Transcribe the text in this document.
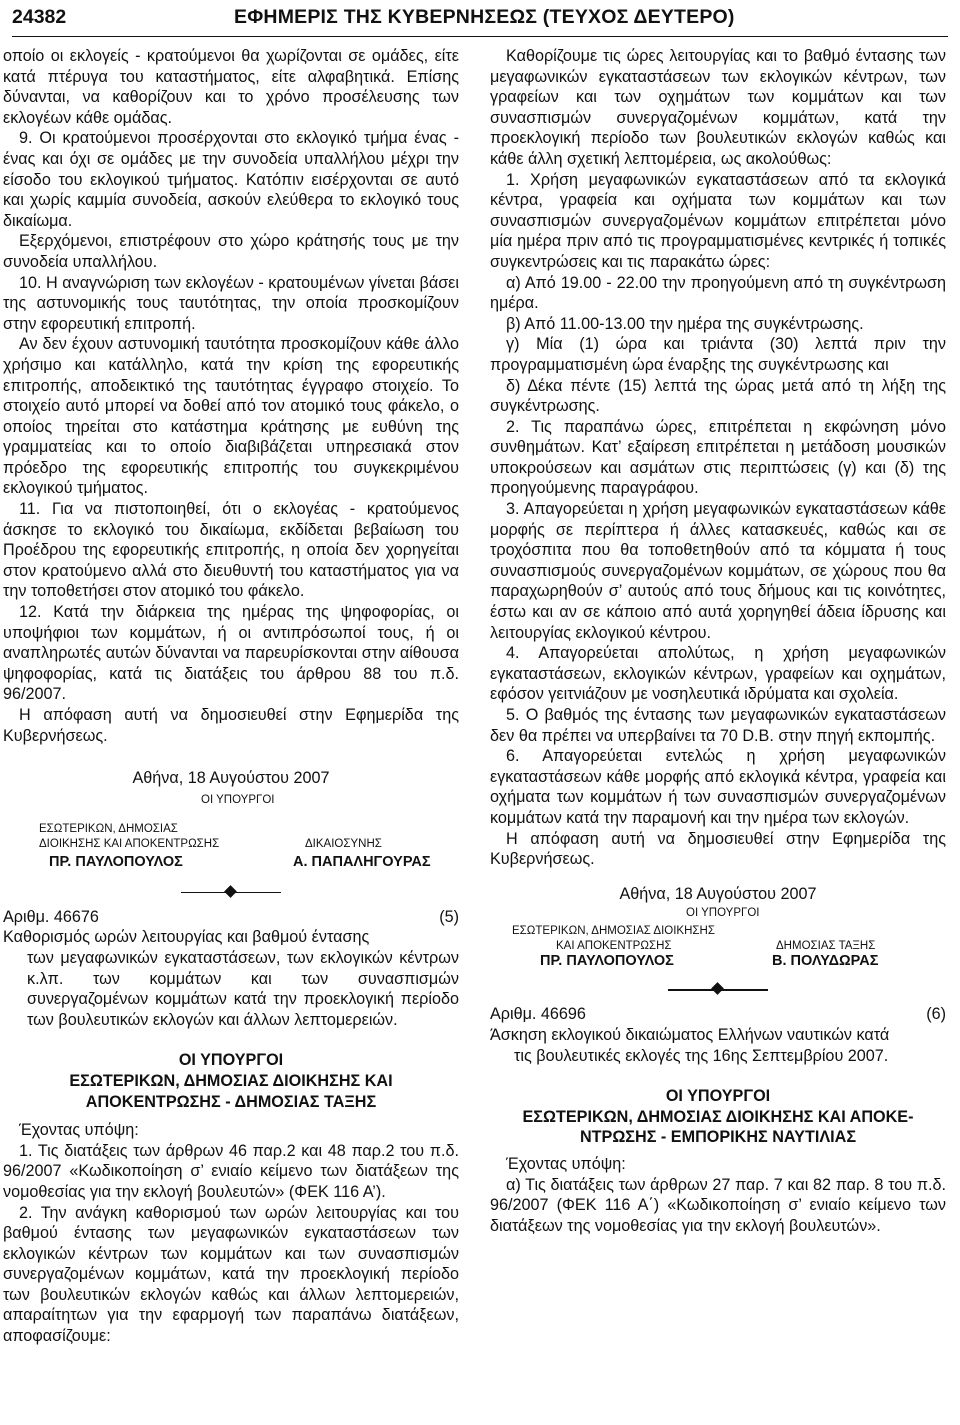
24382	ΕΦΗΜΕΡΙΣ ΤΗΣ ΚΥΒΕΡΝΗΣΕΩΣ (ΤΕΥΧΟΣ ΔΕΥΤΕΡΟ)

οποίο οι εκλογείς - κρατούμενοι θα χωρίζονται σε ομάδες, είτε κατά πτέρυγα του καταστήματος, είτε αλφαβητικά. Επίσης δύνανται, να καθορίζουν και το χρόνο προσέλευσης των εκλογέων κάθε ομάδας.

9. Οι κρατούμενοι προσέρχονται στο εκλογικό τμήμα ένας - ένας και όχι σε ομάδες με την συνοδεία υπαλλήλου μέχρι την είσοδο του εκλογικού τμήματος. Κατόπιν εισέρχονται σε αυτό και χωρίς καμμία συνοδεία, ασκούν ελεύθερα το εκλογικό τους δικαίωμα.

Εξερχόμενοι, επιστρέφουν στο χώρο κράτησής τους με την συνοδεία υπαλλήλου.

10. Η αναγνώριση των εκλογέων - κρατουμένων γίνεται βάσει της αστυνομικής τους ταυτότητας, την οποία προσκομίζουν στην εφορευτική επιτροπή.

Αν δεν έχουν αστυνομική ταυτότητα προσκομίζουν κάθε άλλο χρήσιμο και κατάλληλο, κατά την κρίση της εφορευτικής επιτροπής, αποδεικτικό της ταυτότητας έγγραφο στοιχείο. Το στοιχείο αυτό μπορεί να δοθεί από τον ατομικό τους φάκελο, ο οποίος τηρείται στο κατάστημα κράτησης με ευθύνη της γραμματείας και το οποίο διαβιβάζεται υπηρεσιακά στον πρόεδρο της εφορευτικής επιτροπής του συγκεκριμένου εκλογικού τμήματος.

11. Για να πιστοποιηθεί, ότι ο εκλογέας - κρατούμενος άσκησε το εκλογικό του δικαίωμα, εκδίδεται βεβαίωση του Προέδρου της εφορευτικής επιτροπής, η οποία δεν χορηγείται στον κρατούμενο αλλά στο διευθυντή του καταστήματος για να την τοποθετήσει στον ατομικό του φάκελο.

12. Κατά την διάρκεια της ημέρας της ψηφοφορίας, οι υποψήφιοι των κομμάτων, ή οι αντιπρόσωποί τους, ή οι αναπληρωτές αυτών δύνανται να παρευρίσκονται στην αίθουσα ψηφοφορίας, κατά τις διατάξεις του άρθρου 88 του π.δ. 96/2007.

Η απόφαση αυτή να δημοσιευθεί στην Εφημερίδα της Κυβερνήσεως.

Αθήνα, 18 Αυγούστου 2007

ΟΙ ΥΠΟΥΡΓΟΙ
ΕΣΩΤΕΡΙΚΩΝ, ΔΗΜΟΣΙΑΣ
ΔΙΟΙΚΗΣΗΣ ΚΑΙ ΑΠΟΚΕΝΤΡΩΣΗΣ	ΔΙΚΑΙΟΣΥΝΗΣ
ΠΡ. ΠΑΥΛΟΠΟΥΛΟΣ	Α. ΠΑΠΑΛΗΓΟΥΡΑΣ
Αριθμ. 46676	(5)
Καθορισμός ωρών λειτουργίας και βαθμού έντασης
των μεγαφωνικών εγκαταστάσεων, των εκλογικών κέντρων κ.λπ. των κομμάτων και των συνασπισμών συνεργαζομένων κομμάτων κατά την προεκλογική περίοδο των βουλευτικών εκλογών και άλλων λεπτομερειών.

ΟΙ ΥΠΟΥΡΓΟΙ

ΕΣΩΤΕΡΙΚΩΝ, ΔΗΜΟΣΙΑΣ ΔΙΟΙΚΗΣΗΣ ΚΑΙ

ΑΠΟΚΕΝΤΡΩΣΗΣ - ΔΗΜΟΣΙΑΣ ΤΑΞΗΣ

Έχοντας υπόψη:

1. Τις διατάξεις των άρθρων 46 παρ.2 και 48 παρ.2 του π.δ. 96/2007 «Κωδικοποίηση σ’ ενιαίο κείμενο των διατάξεων της νομοθεσίας για την εκλογή βουλευτών» (ΦΕΚ 116 Α’).

2. Την ανάγκη καθορισμού των ωρών λειτουργίας και του βαθμού έντασης των μεγαφωνικών εγκαταστάσεων των εκλογικών κέντρων των κομμάτων και των συνασπισμών συνεργαζομένων κομμάτων, κατά την προεκλογική περίοδο των βουλευτικών εκλογών καθώς και άλλων λεπτομερειών, απαραίτητων για την εφαρμογή των παραπάνω διατάξεων, αποφασίζουμε:

Καθορίζουμε τις ώρες λειτουργίας και το βαθμό έντασης των μεγαφωνικών εγκαταστάσεων των εκλογικών κέντρων, των γραφείων και των οχημάτων των κομμάτων και των συνασπισμών συνεργαζομένων κομμάτων, κατά την προεκλογική περίοδο των βουλευτικών εκλογών καθώς και κάθε άλλη σχετική λεπτομέρεια, ως ακολούθως:

1. Χρήση μεγαφωνικών εγκαταστάσεων από τα εκλογικά κέντρα, γραφεία και οχήματα των κομμάτων και των συνασπισμών συνεργαζομένων κομμάτων επιτρέπεται μόνο μία ημέρα πριν από τις προγραμματισμένες κεντρικές ή τοπικές συγκεντρώσεις και τις παρακάτω ώρες:

α) Από 19.00 - 22.00 την προηγούμενη από τη συγκέντρωση ημέρα.

β) Από 11.00-13.00 την ημέρα της συγκέντρωσης.

γ) Μία (1) ώρα και τριάντα (30) λεπτά πριν την προγραμματισμένη ώρα έναρξης της συγκέντρωσης και

δ) Δέκα πέντε (15) λεπτά της ώρας μετά από τη λήξη της συγκέντρωσης.

2. Τις παραπάνω ώρες, επιτρέπεται η εκφώνηση μόνο συνθημάτων. Κατ’ εξαίρεση επιτρέπεται η μετάδοση μουσικών υποκρούσεων και ασμάτων στις περιπτώσεις (γ) και (δ) της προηγούμενης παραγράφου.

3. Απαγορεύεται η χρήση μεγαφωνικών εγκαταστάσεων κάθε μορφής σε περίπτερα ή άλλες κατασκευές, καθώς και σε τροχόσπιτα που θα τοποθετηθούν από τα κόμματα ή τους συνασπισμούς συνεργαζομένων κομμάτων, σε χώρους που θα παραχωρηθούν σ’ αυτούς από τους δήμους και τις κοινότητες, έστω και αν σε κάποιο από αυτά χορηγηθεί άδεια ίδρυσης και λειτουργίας εκλογικού κέντρου.

4. Απαγορεύεται απολύτως, η χρήση μεγαφωνικών εγκαταστάσεων, εκλογικών κέντρων, γραφείων και οχημάτων, εφόσον γειτνιάζουν με νοσηλευτικά ιδρύματα και σχολεία.

5. Ο βαθμός της έντασης των μεγαφωνικών εγκαταστάσεων δεν θα πρέπει να υπερβαίνει τα 70 D.B. στην πηγή εκπομπής.

6. Απαγορεύεται εντελώς η χρήση μεγαφωνικών εγκαταστάσεων κάθε μορφής από εκλογικά κέντρα, γραφεία και οχήματα των κομμάτων ή των συνασπισμών συνεργαζομένων κομμάτων κατά την παραμονή και την ημέρα των εκλογών.

Η απόφαση αυτή να δημοσιευθεί στην Εφημερίδα της Κυβερνήσεως.

Αθήνα, 18 Αυγούστου 2007

ΟΙ ΥΠΟΥΡΓΟΙ
ΕΣΩΤΕΡΙΚΩΝ, ΔΗΜΟΣΙΑΣ ΔΙΟΙΚΗΣΗΣ
ΚΑΙ ΑΠΟΚΕΝΤΡΩΣΗΣ	ΔΗΜΟΣΙΑΣ ΤΑΞΗΣ
ΠΡ. ΠΑΥΛΟΠΟΥΛΟΣ	Β. ΠΟΛΥΔΩΡΑΣ
Αριθμ. 46696	(6)
Άσκηση εκλογικού δικαιώματος Ελλήνων ναυτικών κατά
τις βουλευτικές εκλογές της 16ης Σεπτεμβρίου 2007.

ΟΙ ΥΠΟΥΡΓΟΙ

ΕΣΩΤΕΡΙΚΩΝ, ΔΗΜΟΣΙΑΣ ΔΙΟΙΚΗΣΗΣ ΚΑΙ ΑΠΟΚΕ-

ΝΤΡΩΣΗΣ - ΕΜΠΟΡΙΚΗΣ ΝΑΥΤΙΛΙΑΣ

Έχοντας υπόψη:

α) Τις διατάξεις των άρθρων 27 παρ. 7 και 82 παρ. 8 του π.δ. 96/2007 (ΦΕΚ 116 Α΄) «Κωδικοποίηση σ’ ενιαίο κείμενο των διατάξεων της νομοθεσίας για την εκλογή βουλευτών».
